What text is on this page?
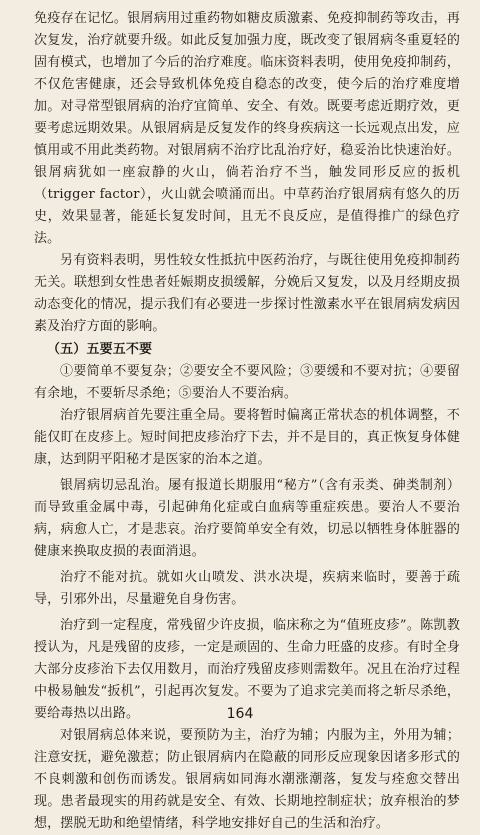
免疫存在记忆。银屑病用过重药物如糖皮质激素、免疫抑制药等攻击，再次复发，治疗就要升级。如此反复加强力度，既改变了银屑病冬重夏轻的固有模式，也增加了今后的治疗难度。临床资料表明，使用免疫抑制药，不仅危害健康，还会导致机体免疫自稳态的改变，使今后的治疗难度增加。对寻常型银屑病的治疗宜简单、安全、有效。既要考虑近期疗效，更要考虑远期效果。从银屑病是反复发作的终身疾病这一长远观点出发，应慎用或不用此类药物。对银屑病不治疗比乱治疗好，稳妥治比快速治好。银屑病犹如一座寂静的火山，倘若治疗不当，触发同形反应的扳机（trigger factor），火山就会喷涌而出。中草药治疗银屑病有悠久的历史，效果显著，能延长复发时间，且无不良反应，是值得推广的绿色疗法。

另有资料表明，男性较女性抵抗中医药治疗，与既往使用免疫抑制药无关。联想到女性患者妊娠期皮损缓解，分娩后又复发，以及月经期皮损动态变化的情况，提示我们有必要进一步探讨性激素水平在银屑病发病因素及治疗方面的影响。

（五）五要五不要

①要简单不要复杂；②要安全不要风险；③要缓和不要对抗；④要留有余地，不要斩尽杀绝；⑤要治人不要治病。

治疗银屑病首先要注重全局。要将暂时偏离正常状态的机体调整，不能仅盯在皮疹上。短时间把皮疹治疗下去，并不是目的，真正恢复身体健康，达到阴平阳秘才是医家的治本之道。

银屑病切忌乱治。屡有报道长期服用“秘方”（含有汞类、砷类制剂）而导致重金属中毒，引起砷角化症或白血病等重症疾患。要治人不要治病，病愈人亡，才是悲哀。治疗要简单安全有效，切忌以牺牲身体脏器的健康来换取皮损的表面消退。

治疗不能对抗。就如火山喷发、洪水决堤，疾病来临时，要善于疏导，引邪外出，尽量避免自身伤害。

治疗到一定程度，常残留少许皮损，临床称之为“值班皮疹”。陈凯教授认为，凡是残留的皮疹，一定是顽固的、生命力旺盛的皮疹。有时全身大部分皮疹治下去仅用数月，而治疗残留皮疹则需数年。况且在治疗过程中极易触发“扳机”，引起再次复发。不要为了追求完美而将之斩尽杀绝，要给毒热以出路。

对银屑病总体来说，要预防为主，治疗为辅；内服为主，外用为辅；注意安抚，避免激惹；防止银屑病内在隐蔽的同形反应现象因诸多形式的不良刺激和创伤而诱发。银屑病如同海水潮涨潮落，复发与痊愈交替出现。患者最现实的用药就是安全、有效、长期地控制症状；放弃根治的梦想，摆脱无助和绝望情绪，科学地安排好自己的生活和治疗。

164
